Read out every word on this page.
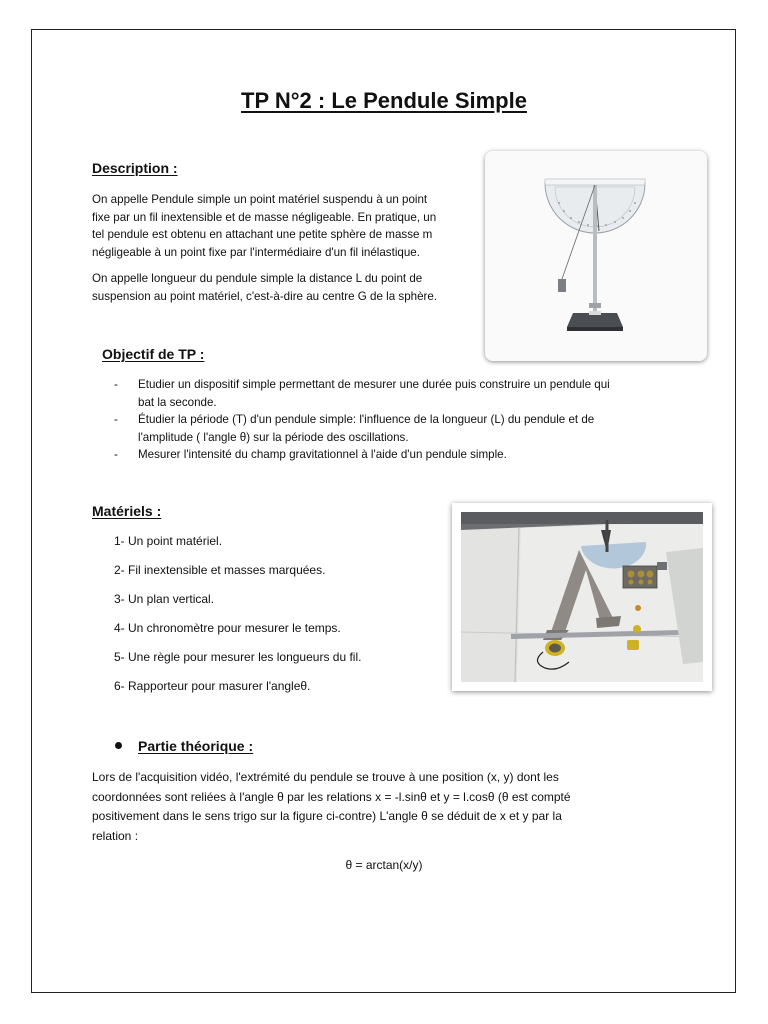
TP N°2 : Le Pendule Simple
Description :
On appelle Pendule simple un point matériel suspendu à un point
fixe par un fil inextensible et de masse négligeable. En pratique, un
tel pendule est obtenu en attachant une petite sphère de masse m
négligeable à un point fixe par l'intermédiaire d'un fil inélastique.
On appelle longueur du pendule simple la distance L du point de
suspension au point matériel, c'est-à-dire au centre G de la sphère.
Objectif de TP :
- Etudier un dispositif simple permettant de mesurer une durée puis construire un pendule qui
bat la seconde.
- Étudier la période (T) d'un pendule simple: l'influence de la longueur (L) du pendule et de
l'amplitude ( l'angle θ) sur la période des oscillations.
- Mesurer l'intensité du champ gravitationnel à l'aide d'un pendule simple.
Matériels :
1- Un point matériel.
2- Fil inextensible et masses marquées.
3- Un plan vertical.
4- Un chronomètre pour mesurer le temps.
5- Une règle pour mesurer les longueurs du fil.
6- Rapporteur pour masurer l'angleθ.
Partie théorique :
Lors de l'acquisition vidéo, l'extrémité du pendule se trouve à une position (x, y) dont les
coordonnées sont reliées à l'angle θ par les relations x = -l.sinθ et y = l.cosθ (θ est compté
positivement dans le sens trigo sur la figure ci-contre) L'angle θ se déduit de x et y par la
relation :
θ = arctan(x/y)
